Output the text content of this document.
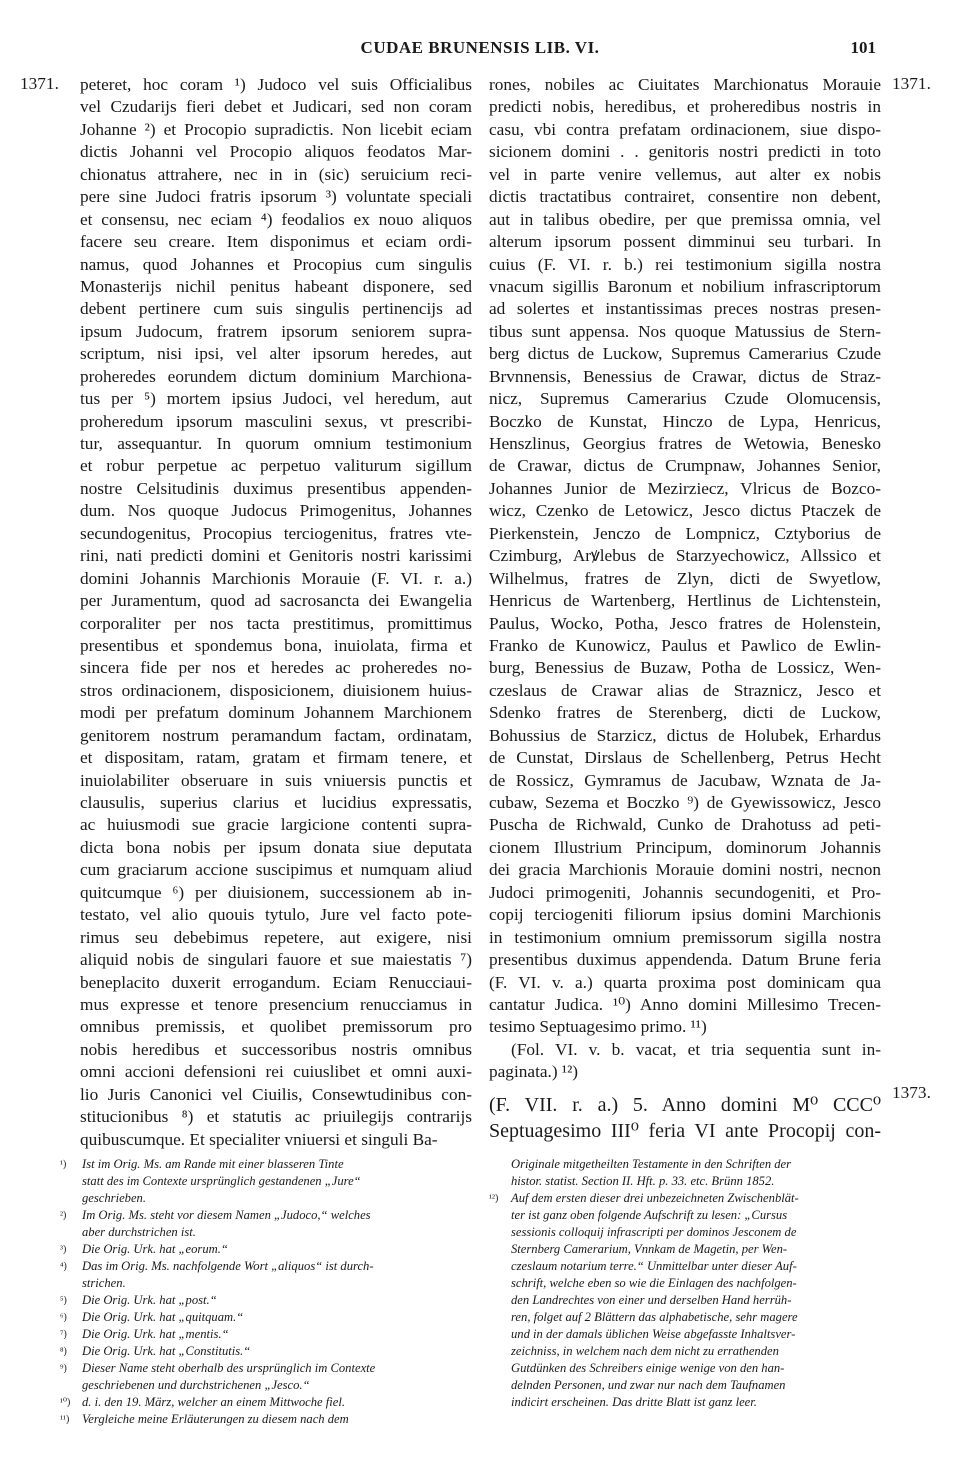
CUDAE BRUNENSIS LIB. VI.	101
1371.	1371.
1373.
peteret, hoc coram ¹) Judoco vel suis Officialibus
vel Czudarijs fieri debet et Judicari, sed non coram
Johanne ²) et Procopio supradictis. Non licebit eciam
dictis Johanni vel Procopio aliquos feodatos Mar-
chionatus attrahere, nec in in (sic) seruicium reci-
pere sine Judoci fratris ipsorum ³) voluntate speciali
et consensu, nec eciam ⁴) feodalios ex nouo aliquos
facere seu creare. Item disponimus et eciam ordi-
namus, quod Johannes et Procopius cum singulis
Monasterijs nichil penitus habeant disponere, sed
debent pertinere cum suis singulis pertinencijs ad
ipsum Judocum, fratrem ipsorum seniorem supra-
scriptum, nisi ipsi, vel alter ipsorum heredes, aut
proheredes eorundem dictum dominium Marchiona-
tus per ⁵) mortem ipsius Judoci, vel heredum, aut
proheredum ipsorum masculini sexus, vt prescribi-
tur, assequantur. In quorum omnium testimonium
et robur perpetue ac perpetuo valiturum sigillum
nostre Celsitudinis duximus presentibus appenden-
dum. Nos quoque Judocus Primogenitus, Johannes
secundogenitus, Procopius terciogenitus, fratres vte-
rini, nati predicti domini et Genitoris nostri karissimi
domini Johannis Marchionis Morauie (F. VI. r. a.)
per Juramentum, quod ad sacrosancta dei Ewangelia
corporaliter per nos tacta prestitimus, promittimus
presentibus et spondemus bona, inuiolata, firma et
sincera fide per nos et heredes ac proheredes no-
stros ordinacionem, disposicionem, diuisionem huius-
modi per prefatum dominum Johannem Marchionem
genitorem nostrum peramandum factam, ordinatam,
et dispositam, ratam, gratam et firmam tenere, et
inuiolabiliter obseruare in suis vniuersis punctis et
clausulis, superius clarius et lucidius expressatis,
ac huiusmodi sue gracie largicione contenti supra-
dicta bona nobis per ipsum donata siue deputata
cum graciarum accione suscipimus et numquam aliud
quitcumque ⁶) per diuisionem, successionem ab in-
testato, vel alio quouis tytulo, Jure vel facto pote-
rimus seu debebimus repetere, aut exigere, nisi
aliquid nobis de singulari fauore et sue maiestatis ⁷)
beneplacito duxerit errogandum. Eciam Renucciaui-
mus expresse et tenore presencium renucciamus in
omnibus premissis, et quolibet premissorum pro
nobis heredibus et successoribus nostris omnibus
omni accioni defensioni rei cuiuslibet et omni auxi-
lio Juris Canonici vel Ciuilis, Consewtudinibus con-
stitucionibus ⁸) et statutis ac priuilegijs contrarijs
quibuscumque. Et specialiter vniuersi et singuli Ba-
rones, nobiles ac Ciuitates Marchionatus Morauie
predicti nobis, heredibus, et proheredibus nostris in
casu, vbi contra prefatam ordinacionem, siue dispo-
sicionem domini . . genitoris nostri predicti in toto
vel in parte venire vellemus, aut alter ex nobis
dictis tractatibus contrairet, consentire non debent,
aut in talibus obedire, per que premissa omnia, vel
alterum ipsorum possent dimminui seu turbari. In
cuius (F. VI. r. b.) rei testimonium sigilla nostra
vnacum sigillis Baronum et nobilium infrascriptorum
ad solertes et instantissimas preces nostras presen-
tibus sunt appensa. Nos quoque Matussius de Stern-
berg dictus de Luckow, Supremus Camerarius Czude
Brvnnensis, Benessius de Crawar, dictus de Straz-
nicz, Supremus Camerarius Czude Olomucensis,
Boczko de Kunstat, Hinczo de Lypa, Henricus,
Henszlinus, Georgius fratres de Wetowia, Benesko
de Crawar, dictus de Crumpnaw, Johannes Senior,
Johannes Junior de Mezirziecz, Vlricus de Bozco-
wicz, Czenko de Letowicz, Jesco dictus Ptaczek de
Pierkenstein, Jenczo de Lompnicz, Cztyborius de
Czimburg, Arꝟlebus de Starzyechowicz, Allssico et
Wilhelmus, fratres de Zlyn, dicti de Swyetlow,
Henricus de Wartenberg, Hertlinus de Lichtenstein,
Paulus, Wocko, Potha, Jesco fratres de Holenstein,
Franko de Kunowicz, Paulus et Pawlico de Ewlin-
burg, Benessius de Buzaw, Potha de Lossicz, Wen-
czeslaus de Crawar alias de Straznicz, Jesco et
Sdenko fratres de Sterenberg, dicti de Luckow,
Bohussius de Starzicz, dictus de Holubek, Erhardus
de Cunstat, Dirslaus de Schellenberg, Petrus Hecht
de Rossicz, Gymramus de Jacubaw, Wznata de Ja-
cubaw, Sezema et Boczko ⁹) de Gyewissowicz, Jesco
Puscha de Richwald, Cunko de Drahotuss ad peti-
cionem Illustrium Principum, dominorum Johannis
dei gracia Marchionis Morauie domini nostri, necnon
Judoci primogeniti, Johannis secundogeniti, et Pro-
copij terciogeniti filiorum ipsius domini Marchionis
in testimonium omnium premissorum sigilla nostra
presentibus duximus appendenda. Datum Brune feria
(F. VI. v. a.) quarta proxima post dominicam qua
cantatur Judica. ¹⁰) Anno domini Millesimo Trecen-
tesimo Septuagesimo primo. ¹¹)
(Fol. VI. v. b. vacat, et tria sequentia sunt in-
paginata.) ¹²)
(F. VII. r. a.) 5. Anno domini M⁰ CCC⁰
Septuagesimo III⁰ feria VI ante Procopij con-
¹)	Ist im Orig. Ms. am Rande mit einer blasseren Tinte
statt des im Contexte ursprünglich gestandenen „Jure“
geschrieben.
²)	Im Orig. Ms. steht vor diesem Namen „Judoco,“ welches
aber durchstrichen ist.
³)	Die Orig. Urk. hat „eorum.“
⁴)	Das im Orig. Ms. nachfolgende Wort „aliquos“ ist durch-
strichen.
⁵)	Die Orig. Urk. hat „post.“
⁶)	Die Orig. Urk. hat „quitquam.“
⁷)	Die Orig. Urk. hat „mentis.“
⁸)	Die Orig. Urk. hat „Constitutis.“
⁹)	Dieser Name steht oberhalb des ursprünglich im Contexte
geschriebenen und durchstrichenen „Jesco.“
¹⁰) d. i. den 19. März, welcher an einem Mittwoche fiel.
¹¹)	Vergleiche meine Erläuterungen zu diesem nach dem
Originale mitgetheilten Testamente in den Schriften der
histor. statist. Section II. Hft. p. 33. etc. Brünn 1852.
¹²)	Auf dem ersten dieser drei unbezeichneten Zwischenblät-
ter ist ganz oben folgende Aufschrift zu lesen: „Cursus
sessionis colloquij infrascripti per dominos Jesconem de
Sternberg Camerarium, Vnnkam de Magetin, per Wen-
czeslaum notarium terre.“ Unmittelbar unter dieser Auf-
schrift, welche eben so wie die Einlagen des nachfolgen-
den Landrechtes von einer und derselben Hand herrüh-
ren, folget auf 2 Blättern das alphabetische, sehr magere
und in der damals üblichen Weise abgefasste Inhaltsver-
zeichniss, in welchem nach dem nicht zu errathenden
Gutdünken des Schreibers einige wenige von den han-
delnden Personen, und zwar nur nach dem Taufnamen
indicirt erscheinen. Das dritte Blatt ist ganz leer.
